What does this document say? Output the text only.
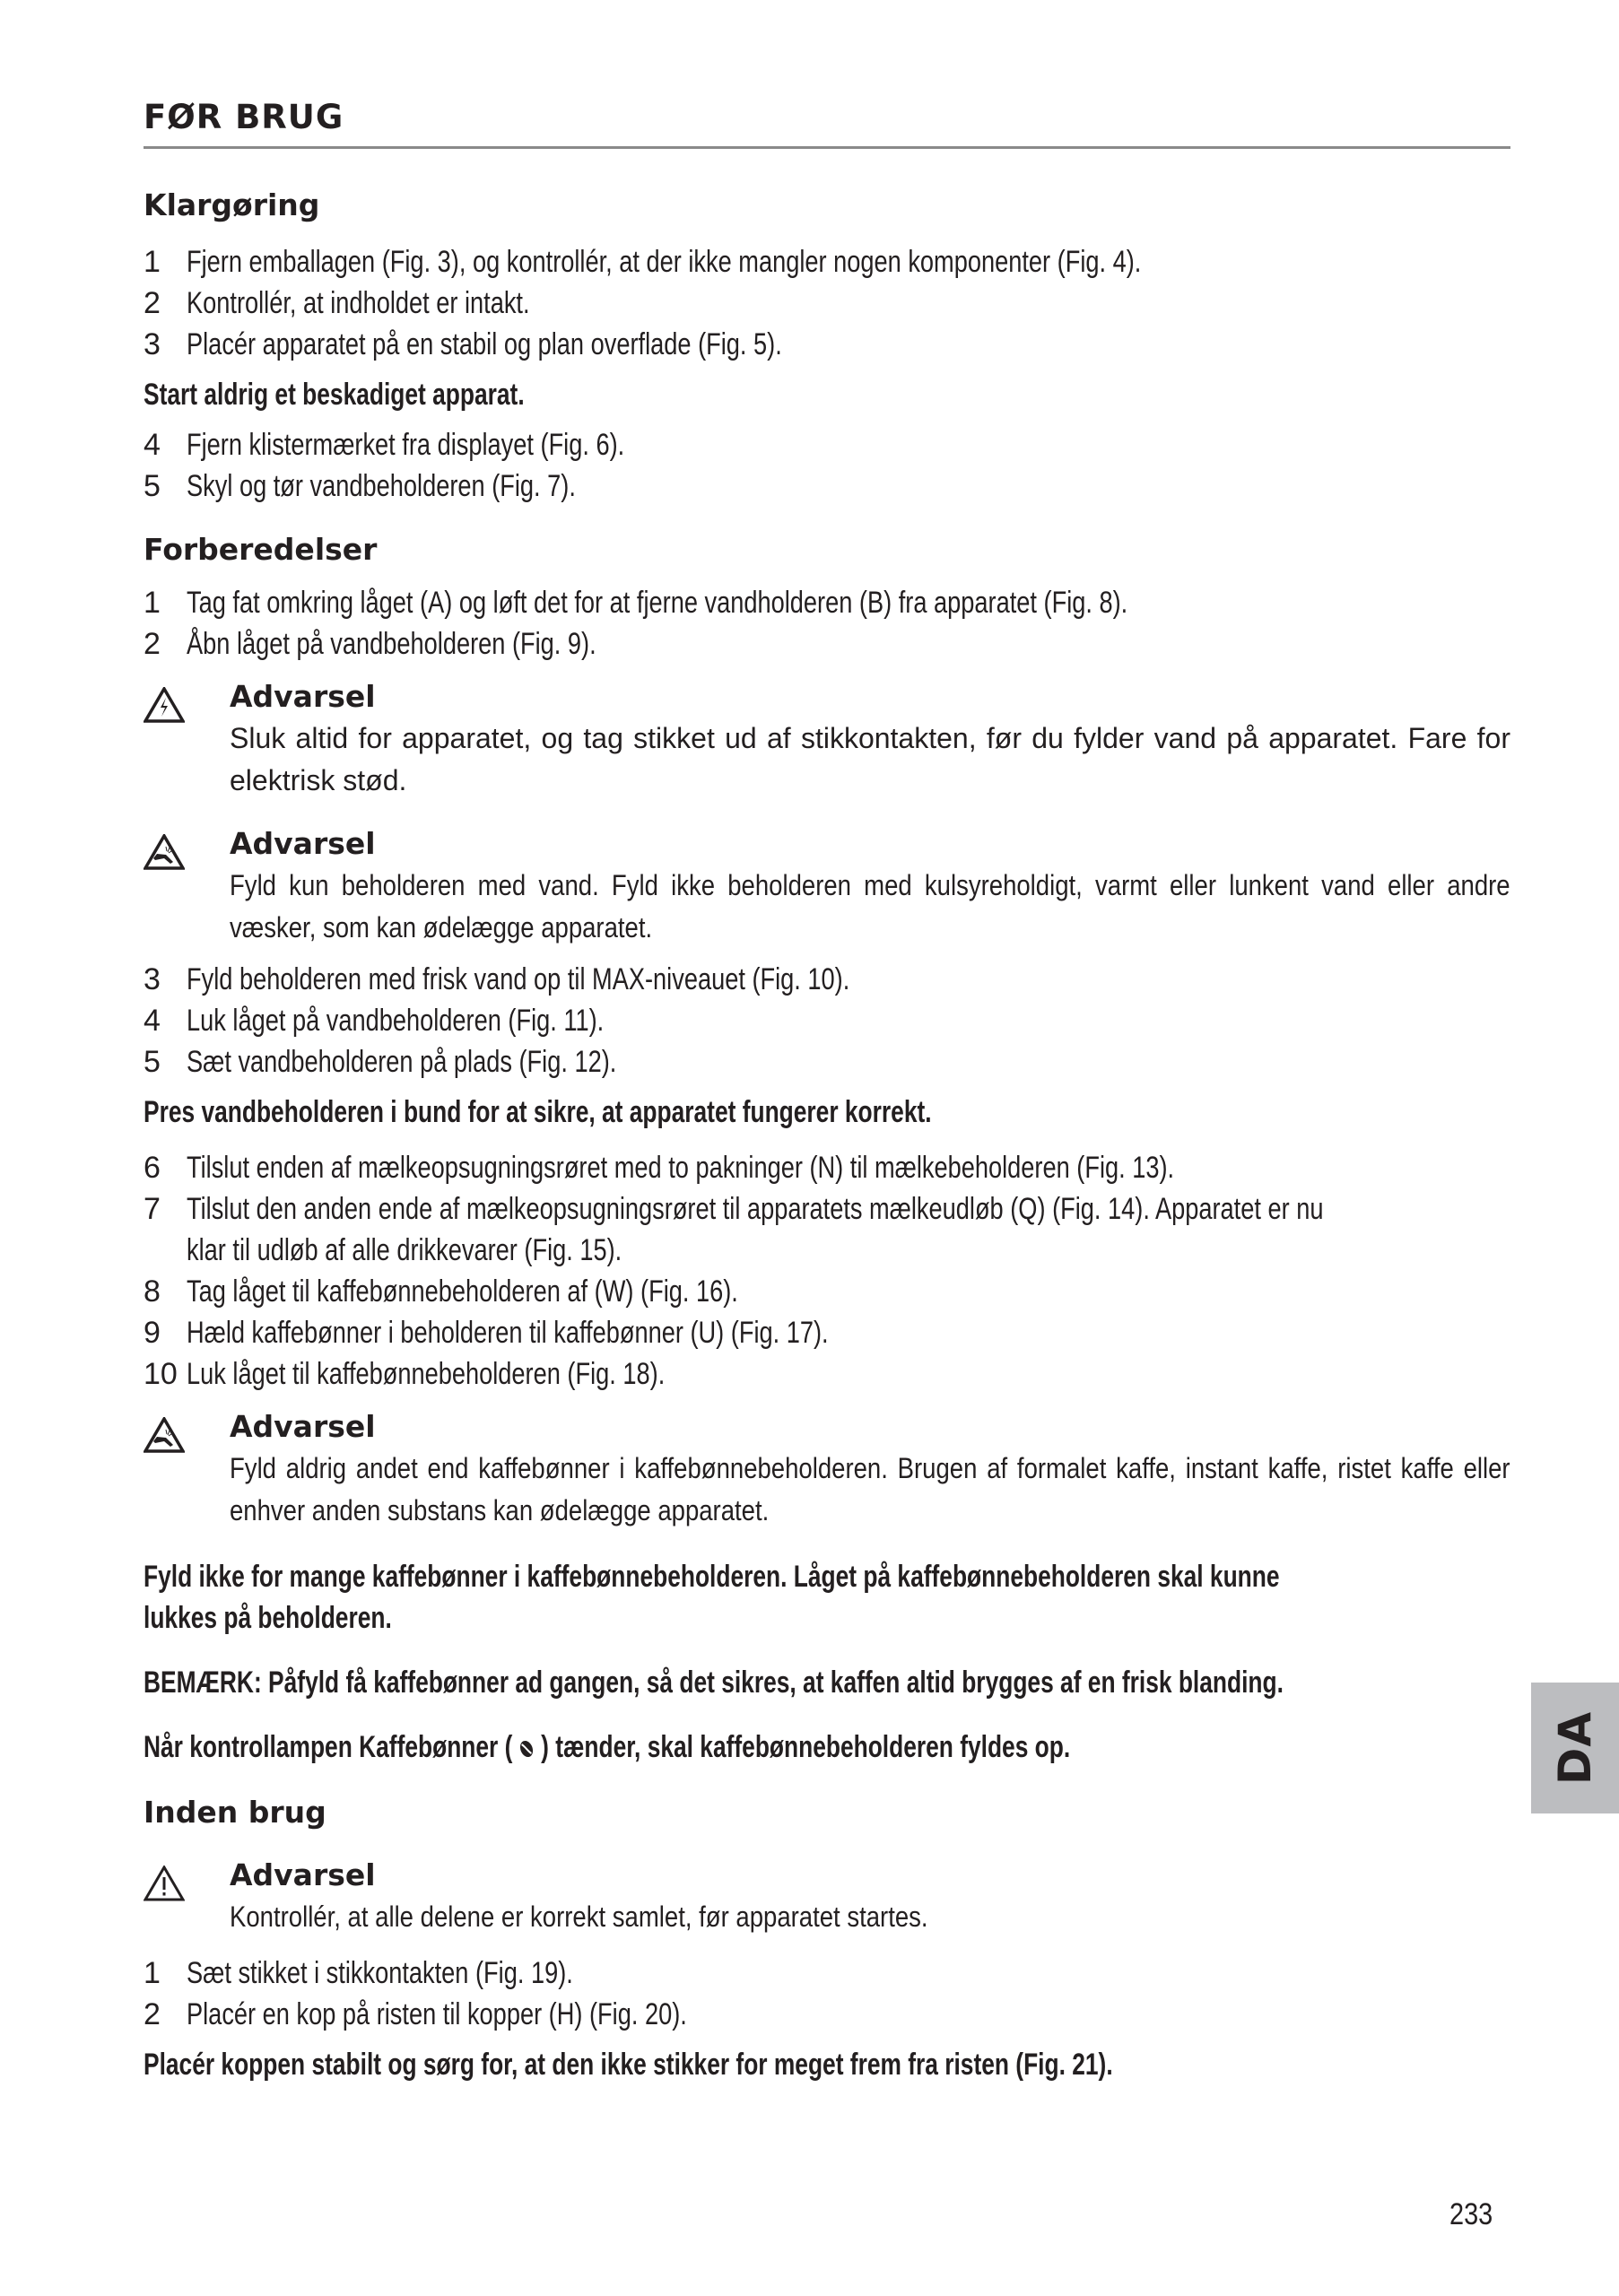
FØR BRUG
Klargøring
1 Fjern emballagen (Fig. 3), og kontrollér, at der ikke mangler nogen komponenter (Fig. 4).
2 Kontrollér, at indholdet er intakt.
3 Placér apparatet på en stabil og plan overflade (Fig. 5).
Start aldrig et beskadiget apparat.
4 Fjern klistermærket fra displayet (Fig. 6).
5 Skyl og tør vandbeholderen (Fig. 7).
Forberedelser
1 Tag fat omkring låget (A) og løft det for at fjerne vandholderen (B) fra apparatet (Fig. 8).
2 Åbn låget på vandbeholderen (Fig. 9).
Advarsel
Sluk altid for apparatet, og tag stikket ud af stikkontakten, før du fylder vand på apparatet. Fare for elektrisk stød.
Advarsel
Fyld kun beholderen med vand. Fyld ikke beholderen med kulsyreholdigt, varmt eller lunkent vand eller andre væsker, som kan ødelægge apparatet.
3 Fyld beholderen med frisk vand op til MAX-niveauet (Fig. 10).
4 Luk låget på vandbeholderen (Fig. 11).
5 Sæt vandbeholderen på plads (Fig. 12).
Pres vandbeholderen i bund for at sikre, at apparatet fungerer korrekt.
6 Tilslut enden af mælkeopsugningsrøret med to pakninger (N) til mælkebeholderen (Fig. 13).
7 Tilslut den anden ende af mælkeopsugningsrøret til apparatets mælkeudløb (Q) (Fig. 14). Apparatet er nu
klar til udløb af alle drikkevarer (Fig. 15).
8 Tag låget til kaffebønnebeholderen af (W) (Fig. 16).
9 Hæld kaffebønner i beholderen til kaffebønner (U) (Fig. 17).
10 Luk låget til kaffebønnebeholderen (Fig. 18).
Advarsel
Fyld aldrig andet end kaffebønner i kaffebønnebeholderen. Brugen af formalet kaffe, instant kaffe, ristet kaffe eller enhver anden substans kan ødelægge apparatet.
Fyld ikke for mange kaffebønner i kaffebønnebeholderen. Låget på kaffebønnebeholderen skal kunne
lukkes på beholderen.
BEMÆRK: Påfyld få kaffebønner ad gangen, så det sikres, at kaffen altid brygges af en frisk blanding.
Når kontrollampen Kaffebønner ( ) tænder, skal kaffebønnebeholderen fyldes op.
Inden brug
Advarsel
Kontrollér, at alle delene er korrekt samlet, før apparatet startes.
1 Sæt stikket i stikkontakten (Fig. 19).
2 Placér en kop på risten til kopper (H) (Fig. 20).
Placér koppen stabilt og sørg for, at den ikke stikker for meget frem fra risten (Fig. 21).
DA
233
